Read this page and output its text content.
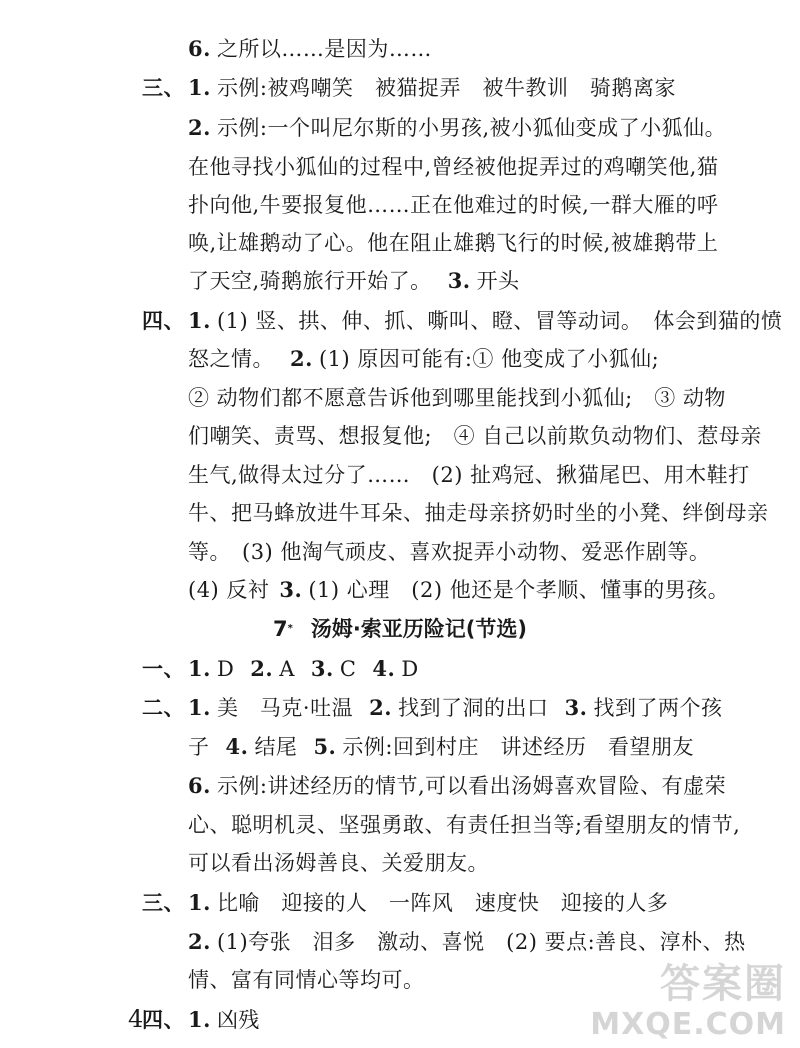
6. 之所以……是因为……
三、 1. 示例:被鸡嘲笑　被猫捉弄　被牛教训　骑鹅离家
2. 示例:一个叫尼尔斯的小男孩,被小狐仙变成了小狐仙。
在他寻找小狐仙的过程中,曾经被他捉弄过的鸡嘲笑他,猫
扑向他,牛要报复他……正在他难过的时候,一群大雁的呼
唤,让雄鹅动了心。他在阻止雄鹅飞行的时候,被雄鹅带上
了天空,骑鹅旅行开始了。 3. 开头
四、 1. (1) 竖、拱、伸、抓、嘶叫、瞪、冒等动词。　体会到猫的愤
怒之情。 2. (1) 原因可能有:① 他变成了小狐仙;
② 动物们都不愿意告诉他到哪里能找到小狐仙;　③ 动物
们嘲笑、责骂、想报复他;　④ 自己以前欺负动物们、惹母亲
生气,做得太过分了……　(2) 扯鸡冠、揪猫尾巴、用木鞋打
牛、把马蜂放进牛耳朵、抽走母亲挤奶时坐的小凳、绊倒母亲
等。　(3) 他淘气顽皮、喜欢捉弄小动物、爱恶作剧等。
(4) 反衬 3. (1) 心理　(2) 他还是个孝顺、懂事的男孩。
7* 汤姆·索亚历险记(节选)
一、 1. D 2. A 3. C 4. D
二、 1. 美　马克·吐温 2. 找到了洞的出口 3. 找到了两个孩
子 4. 结尾 5. 示例:回到村庄　讲述经历　看望朋友
6. 示例:讲述经历的情节,可以看出汤姆喜欢冒险、有虚荣
心、聪明机灵、坚强勇敢、有责任担当等;看望朋友的情节,
可以看出汤姆善良、关爱朋友。
三、 1. 比喻　迎接的人　一阵风　速度快　迎接的人多
2. (1)夸张　泪多　激动、喜悦　(2) 要点:善良、淳朴、热
情、富有同情心等均可。
四、 1. 凶残
4
答案圈
MXQE.COM
